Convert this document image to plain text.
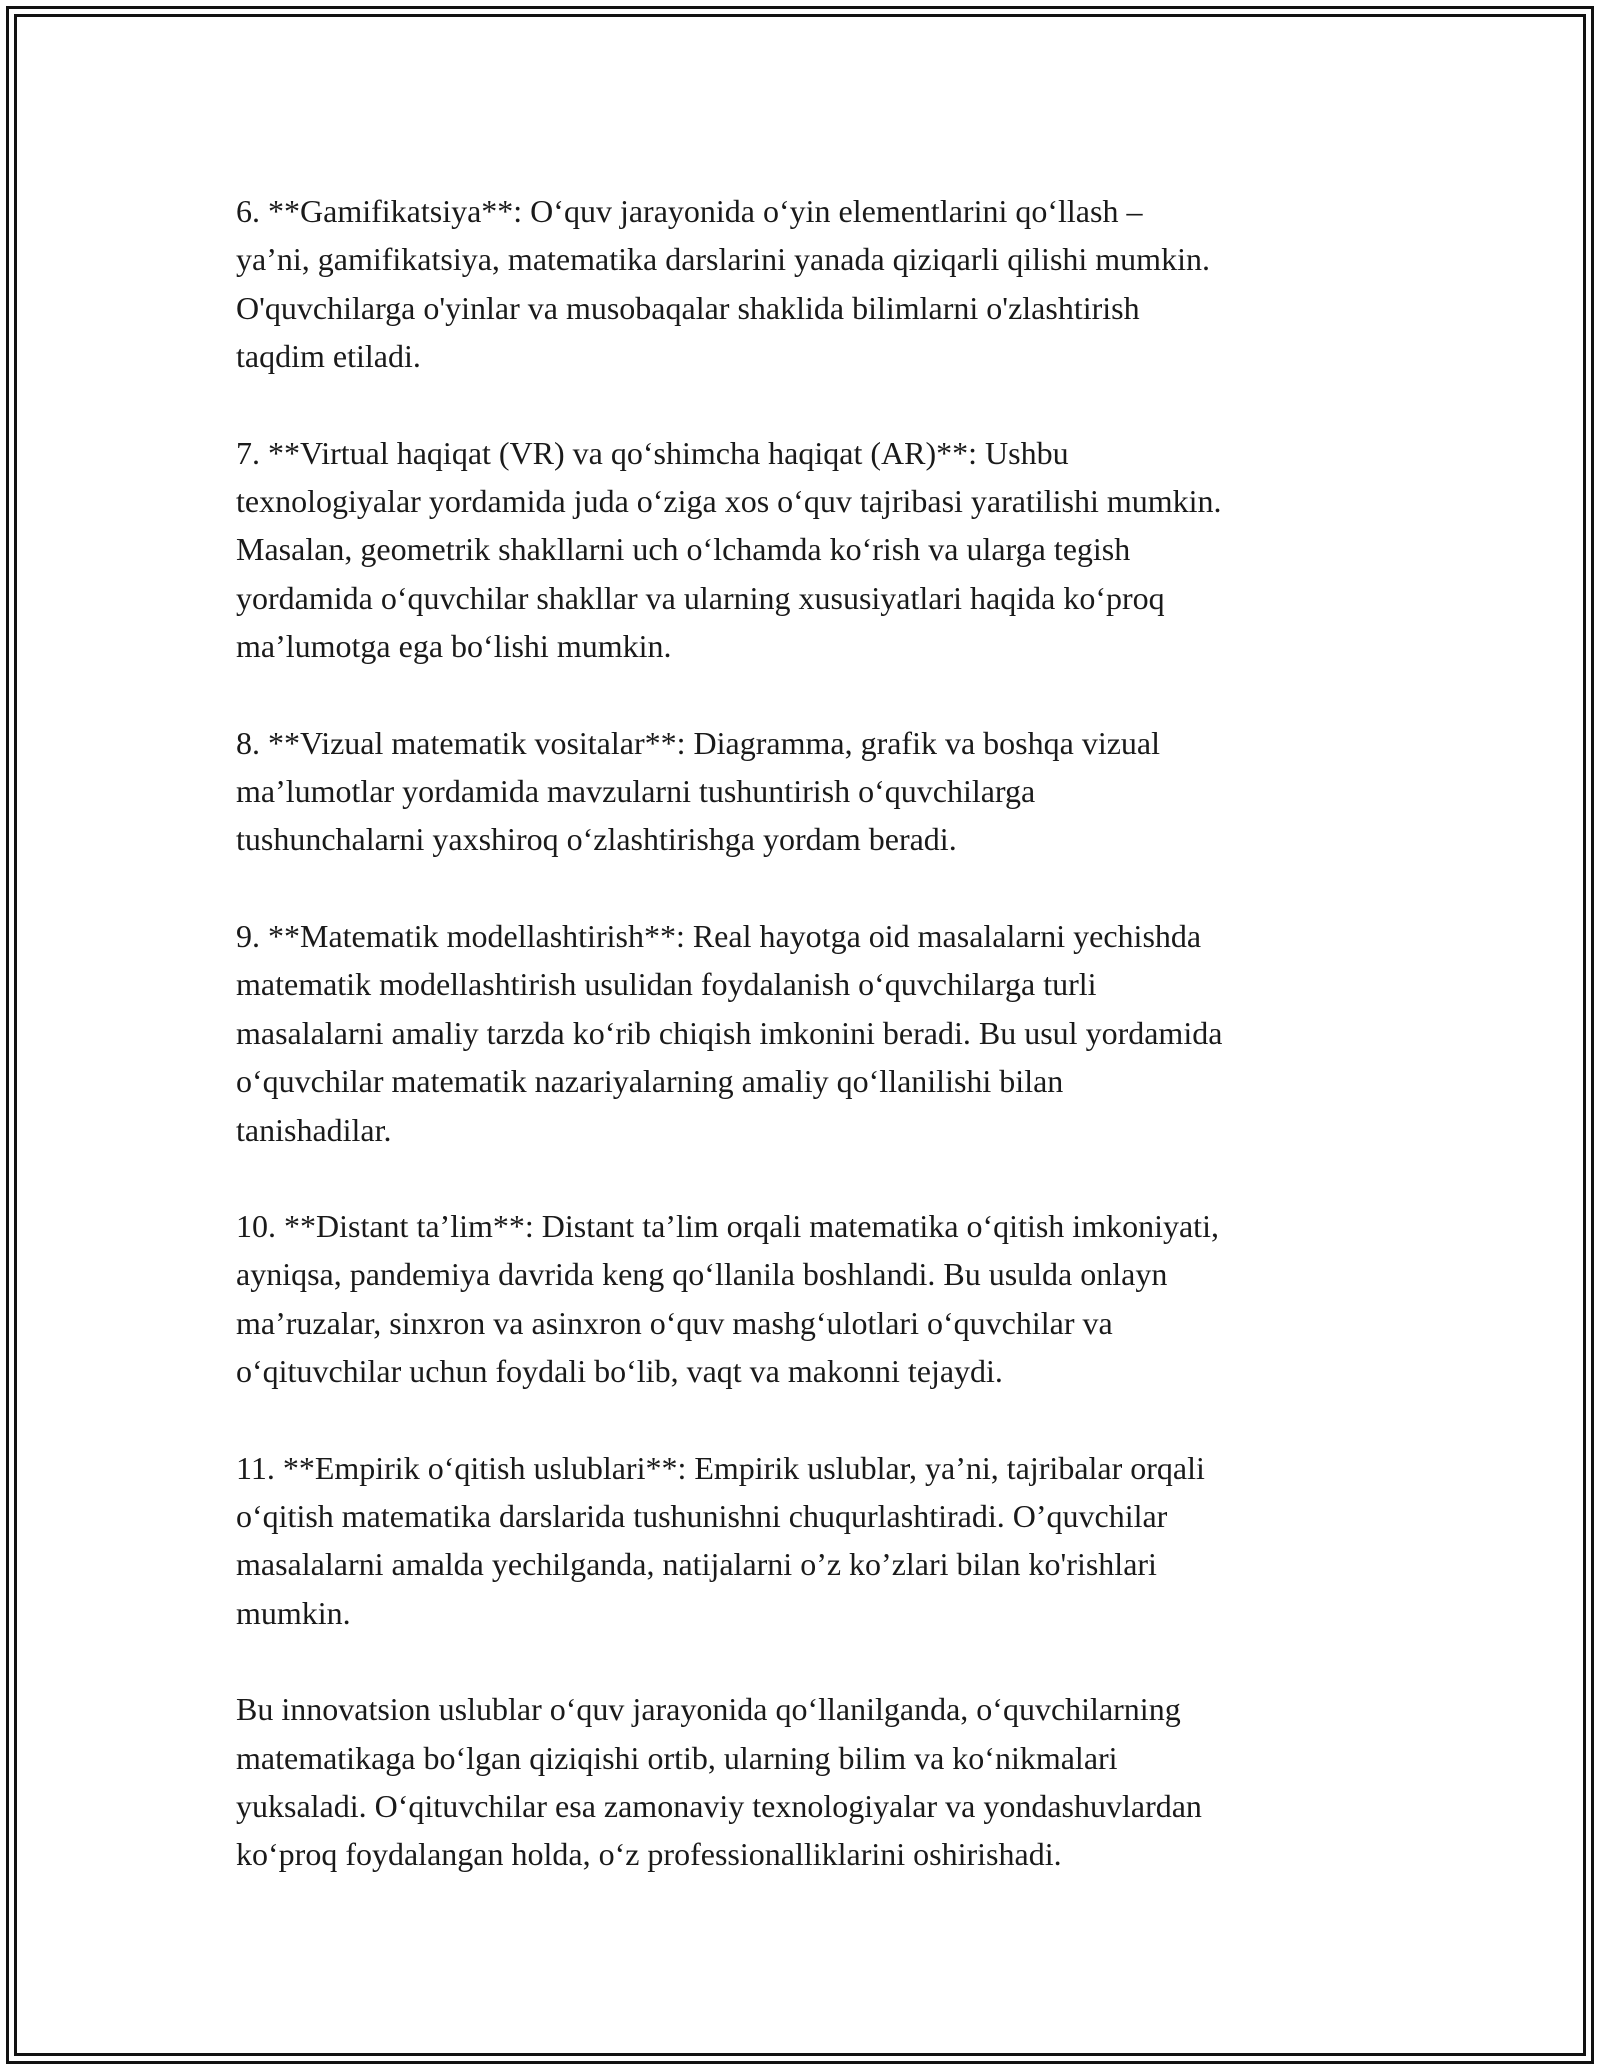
6. **Gamifikatsiya**: O‘quv jarayonida o‘yin elementlarini qo‘llash –
ya’ni, gamifikatsiya, matematika darslarini yanada qiziqarli qilishi mumkin.
O'quvchilarga o'yinlar va musobaqalar shaklida bilimlarni o'zlashtirish
taqdim etiladi.

7. **Virtual haqiqat (VR) va qo‘shimcha haqiqat (AR)**: Ushbu
texnologiyalar yordamida juda o‘ziga xos o‘quv tajribasi yaratilishi mumkin.
Masalan, geometrik shakllarni uch o‘lchamda ko‘rish va ularga tegish
yordamida o‘quvchilar shakllar va ularning xususiyatlari haqida ko‘proq
ma’lumotga ega bo‘lishi mumkin.

8. **Vizual matematik vositalar**: Diagramma, grafik va boshqa vizual
ma’lumotlar yordamida mavzularni tushuntirish o‘quvchilarga
tushunchalarni yaxshiroq o‘zlashtirishga yordam beradi.

9. **Matematik modellashtirish**: Real hayotga oid masalalarni yechishda
matematik modellashtirish usulidan foydalanish o‘quvchilarga turli
masalalarni amaliy tarzda ko‘rib chiqish imkonini beradi. Bu usul yordamida
o‘quvchilar matematik nazariyalarning amaliy qo‘llanilishi bilan
tanishadilar.

10. **Distant ta’lim**: Distant ta’lim orqali matematika o‘qitish imkoniyati,
ayniqsa, pandemiya davrida keng qo‘llanila boshlandi. Bu usulda onlayn
ma’ruzalar, sinxron va asinxron o‘quv mashg‘ulotlari o‘quvchilar va
o‘qituvchilar uchun foydali bo‘lib, vaqt va makonni tejaydi.

11. **Empirik o‘qitish uslublari**: Empirik uslublar, ya’ni, tajribalar orqali
o‘qitish matematika darslarida tushunishni chuqurlashtiradi. O’quvchilar
masalalarni amalda yechilganda, natijalarni o’z ko’zlari bilan ko'rishlari
mumkin.

Bu innovatsion uslublar o‘quv jarayonida qo‘llanilganda, o‘quvchilarning
matematikaga bo‘lgan qiziqishi ortib, ularning bilim va ko‘nikmalari
yuksaladi. O‘qituvchilar esa zamonaviy texnologiyalar va yondashuvlardan
ko‘proq foydalangan holda, o‘z professionalliklarini oshirishadi.
